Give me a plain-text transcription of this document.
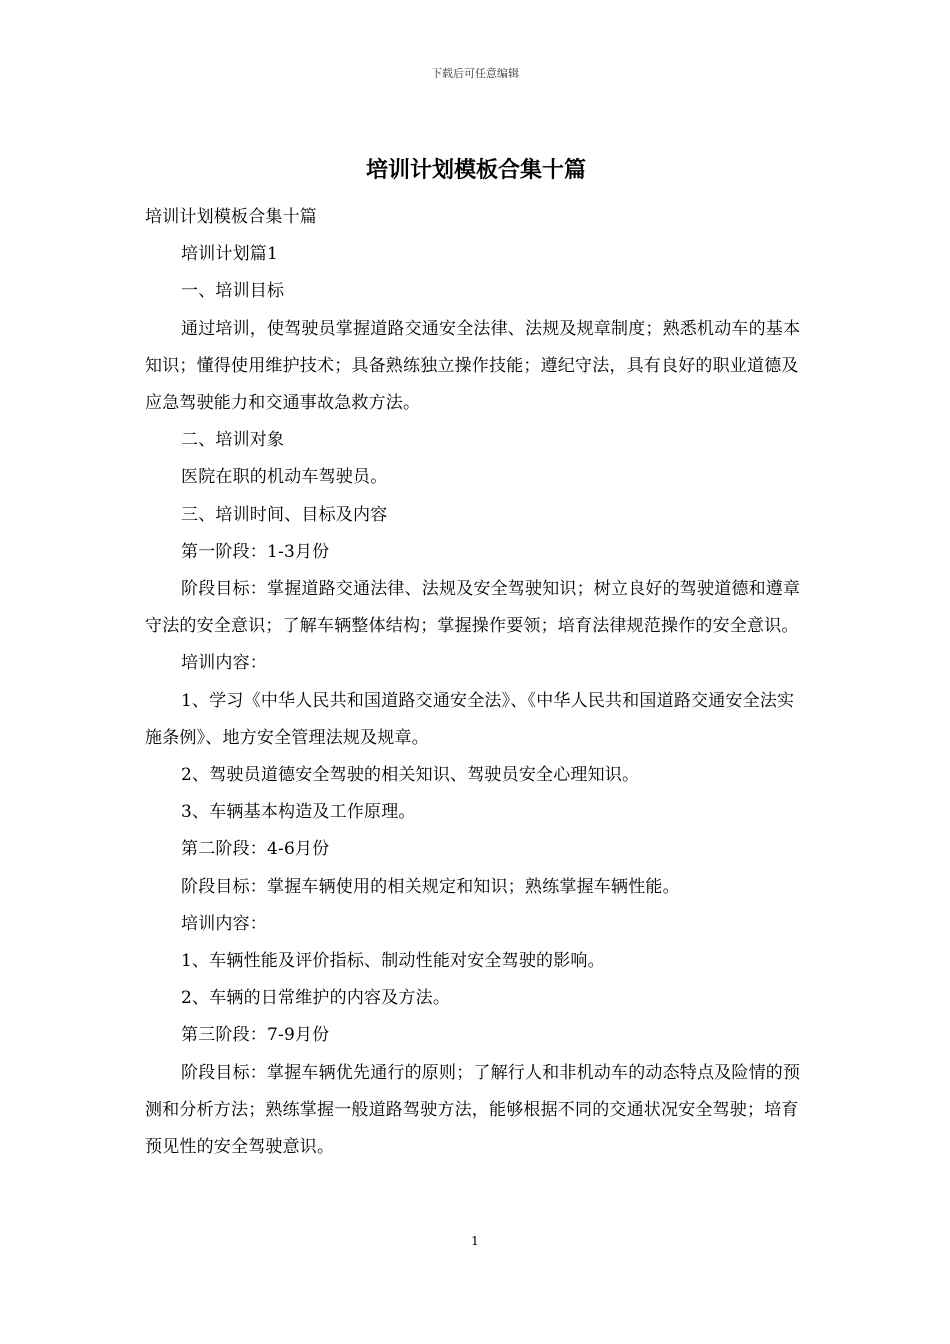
下载后可任意编辑
培训计划模板合集十篇

培训计划模板合集十篇

培训计划篇1

一、培训目标

通过培训，使驾驶员掌握道路交通安全法律、法规及规章制度；熟悉机动车的基本知识；懂得使用维护技术；具备熟练独立操作技能；遵纪守法，具有良好的职业道德及应急驾驶能力和交通事故急救方法。

二、培训对象

医院在职的机动车驾驶员。

三、培训时间、目标及内容

第一阶段：1-3月份

阶段目标：掌握道路交通法律、法规及安全驾驶知识；树立良好的驾驶道德和遵章守法的安全意识；了解车辆整体结构；掌握操作要领；培育法律规范操作的安全意识。

培训内容：

1、学习《中华人民共和国道路交通安全法》、《中华人民共和国道路交通安全法实施条例》、地方安全管理法规及规章。

2、驾驶员道德安全驾驶的相关知识、驾驶员安全心理知识。

3、车辆基本构造及工作原理。

第二阶段：4-6月份

阶段目标：掌握车辆使用的相关规定和知识；熟练掌握车辆性能。

培训内容：

1、车辆性能及评价指标、制动性能对安全驾驶的影响。

2、车辆的日常维护的内容及方法。

第三阶段：7-9月份

阶段目标：掌握车辆优先通行的原则；了解行人和非机动车的动态特点及险情的预测和分析方法；熟练掌握一般道路驾驶方法，能够根据不同的交通状况安全驾驶；培育预见性的安全驾驶意识。

1
